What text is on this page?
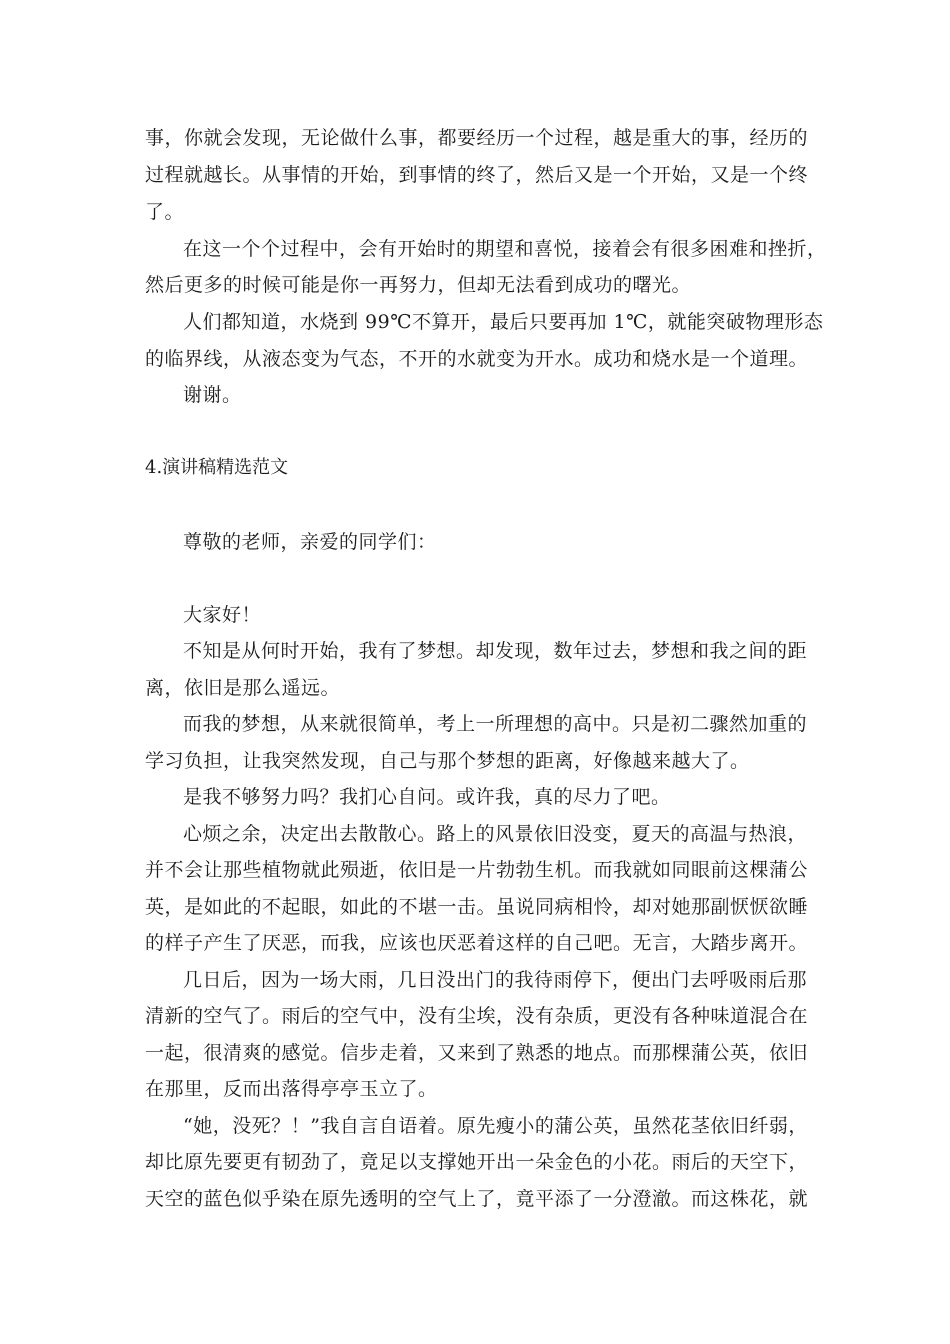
事，你就会发现，无论做什么事，都要经历一个过程，越是重大的事，经历的
过程就越长。从事情的开始，到事情的终了，然后又是一个开始，又是一个终
了。
在这一个个过程中，会有开始时的期望和喜悦，接着会有很多困难和挫折，
然后更多的时候可能是你一再努力，但却无法看到成功的曙光。
人们都知道，水烧到 99℃不算开，最后只要再加 1℃，就能突破物理形态
的临界线，从液态变为气态，不开的水就变为开水。成功和烧水是一个道理。
谢谢。
4.演讲稿精选范文
尊敬的老师，亲爱的同学们：
大家好！
不知是从何时开始，我有了梦想。却发现，数年过去，梦想和我之间的距
离，依旧是那么遥远。
而我的梦想，从来就很简单，考上一所理想的高中。只是初二骤然加重的
学习负担，让我突然发现，自己与那个梦想的距离，好像越来越大了。
是我不够努力吗？我扪心自问。或许我，真的尽力了吧。
心烦之余，决定出去散散心。路上的风景依旧没变，夏天的高温与热浪，
并不会让那些植物就此殒逝，依旧是一片勃勃生机。而我就如同眼前这棵蒲公
英，是如此的不起眼，如此的不堪一击。虽说同病相怜，却对她那副恹恹欲睡
的样子产生了厌恶，而我，应该也厌恶着这样的自己吧。无言，大踏步离开。
几日后，因为一场大雨，几日没出门的我待雨停下，便出门去呼吸雨后那
清新的空气了。雨后的空气中，没有尘埃，没有杂质，更没有各种味道混合在
一起，很清爽的感觉。信步走着，又来到了熟悉的地点。而那棵蒲公英，依旧
在那里，反而出落得亭亭玉立了。
“她，没死？！”我自言自语着。原先瘦小的蒲公英，虽然花茎依旧纤弱，
却比原先要更有韧劲了，竟足以支撑她开出一朵金色的小花。雨后的天空下，
天空的蓝色似乎染在原先透明的空气上了，竟平添了一分澄澈。而这株花，就
